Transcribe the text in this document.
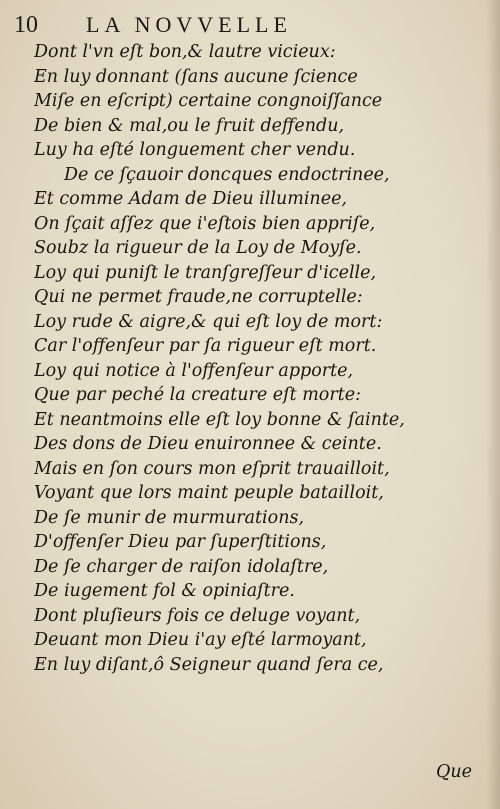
10 LA NOVVELLE
Dont l'vn eſt bon,& lautre vicieux:
En luy donnant (ſans aucune ſcience
Miſe en eſcript) certaine congnoiſſance
De bien & mal,ou le fruit deffendu,
Luy ha eſté longuement cher vendu.
De ce ſçauoir doncques endoctrinee,
Et comme Adam de Dieu illuminee,
On ſçait aſſez que i'eſtois bien appriſe,
Soubz la rigueur de la Loy de Moyſe.
Loy qui puniſt le tranſgreſſeur d'icelle,
Qui ne permet fraude,ne corruptelle:
Loy rude & aigre,& qui eſt loy de mort:
Car l'offenſeur par ſa rigueur eſt mort.
Loy qui notice à l'offenſeur apporte,
Que par peché la creature eſt morte:
Et neantmoins elle eſt loy bonne & ſainte,
Des dons de Dieu enuironnee & ceinte.
Mais en ſon cours mon eſprit trauailloit,
Voyant que lors maint peuple batailloit,
De ſe munir de murmurations,
D'offenſer Dieu par ſuperſtitions,
De ſe charger de raiſon idolaſtre,
De iugement fol & opiniaſtre.
Dont pluſieurs fois ce deluge voyant,
Deuant mon Dieu i'ay eſté larmoyant,
En luy diſant,ô Seigneur quand ſera ce,
Que
